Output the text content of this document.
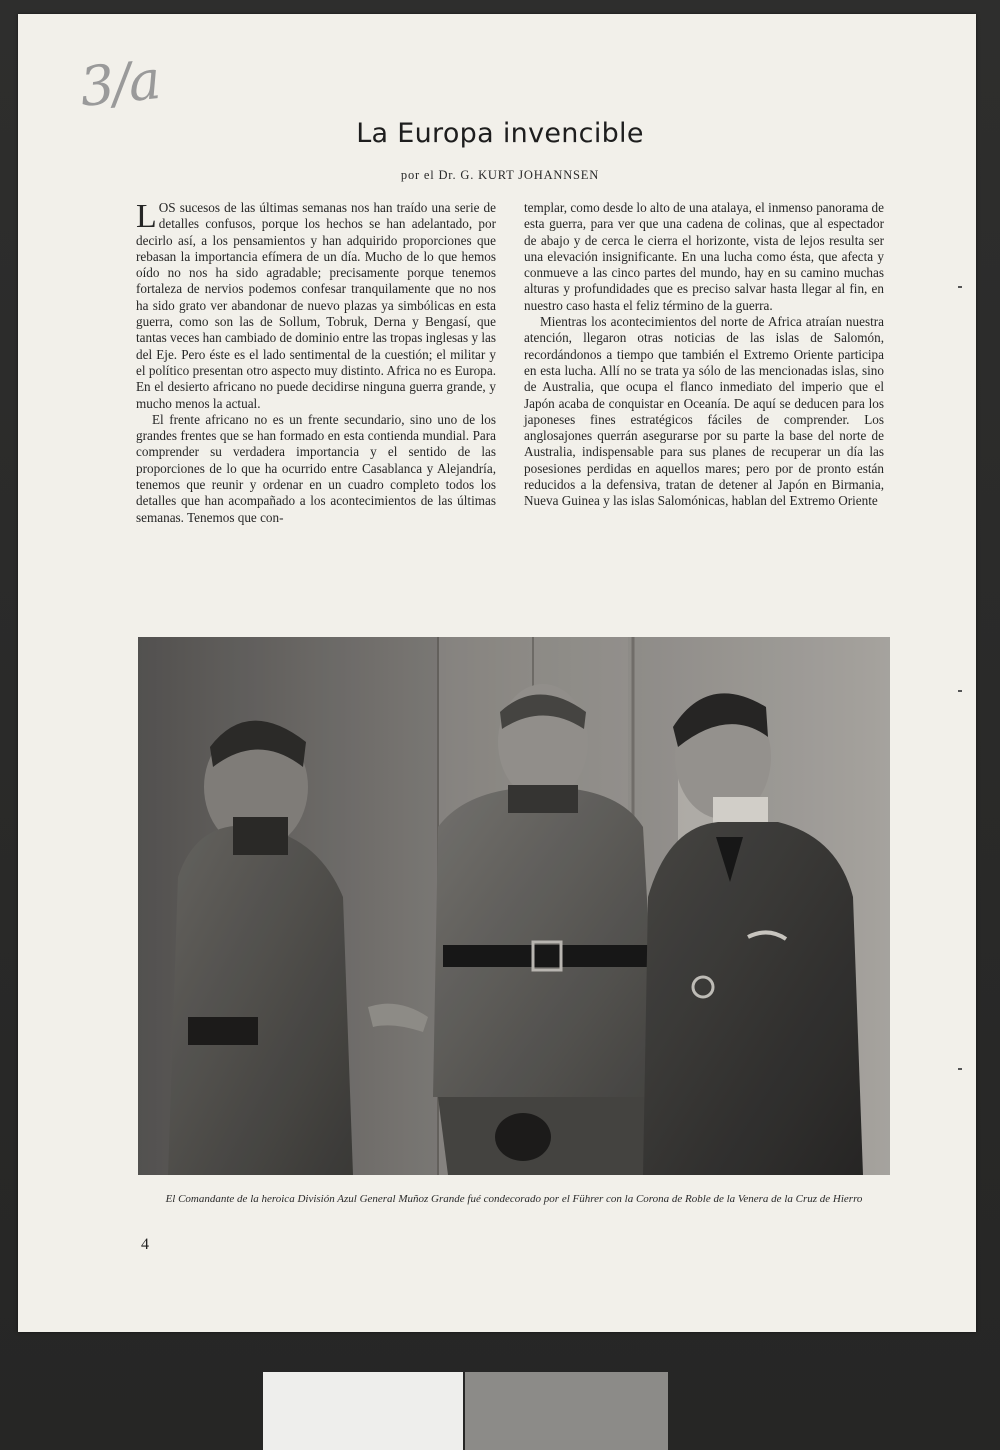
3/a
La Europa invencible
por el Dr. G. KURT JOHANNSEN

LOS sucesos de las últimas semanas nos han traído una serie de detalles confusos, porque los hechos se han adelantado, por decirlo así, a los pensamientos y han adquirido proporciones que rebasan la importancia efímera de un día. Mucho de lo que hemos oído no nos ha sido agradable; precisamente porque tenemos fortaleza de nervios podemos confesar tranquilamente que no nos ha sido grato ver abandonar de nuevo plazas ya simbólicas en esta guerra, como son las de Sollum, Tobruk, Derna y Bengasí, que tantas veces han cambiado de dominio entre las tropas inglesas y las del Eje. Pero éste es el lado sentimental de la cuestión; el militar y el político presentan otro aspecto muy distinto. Africa no es Europa. En el desierto africano no puede decidirse ninguna guerra grande, y mucho menos la actual.

El frente africano no es un frente secundario, sino uno de los grandes frentes que se han formado en esta contienda mundial. Para comprender su verdadera importancia y el sentido de las proporciones de lo que ha ocurrido entre Casablanca y Alejandría, tenemos que reunir y ordenar en un cuadro completo todos los detalles que han acompañado a los acontecimientos de las últimas semanas. Tenemos que con-

templar, como desde lo alto de una atalaya, el inmenso panorama de esta guerra, para ver que una cadena de colinas, que al espectador de abajo y de cerca le cierra el horizonte, vista de lejos resulta ser una elevación insignificante. En una lucha como ésta, que afecta y conmueve a las cinco partes del mundo, hay en su camino muchas alturas y profundidades que es preciso salvar hasta llegar al fin, en nuestro caso hasta el feliz término de la guerra.

Mientras los acontecimientos del norte de Africa atraían nuestra atención, llegaron otras noticias de las islas de Salomón, recordándonos a tiempo que también el Extremo Oriente participa en esta lucha. Allí no se trata ya sólo de las mencionadas islas, sino de Australia, que ocupa el flanco inmediato del imperio que el Japón acaba de conquistar en Oceanía. De aquí se deducen para los japoneses fines estratégicos fáciles de comprender. Los anglosajones querrán asegurarse por su parte la base del norte de Australia, indispensable para sus planes de recuperar un día las posesiones perdidas en aquellos mares; pero por de pronto están reducidos a la defensiva, tratan de detener al Japón en Birmania, Nueva Guinea y las islas Salomónicas, hablan del Extremo Oriente

El Comandante de la heroica División Azul General Muñoz Grande fué condecorado por el Führer con la Corona de Roble de la Venera de la Cruz de Hierro
4
